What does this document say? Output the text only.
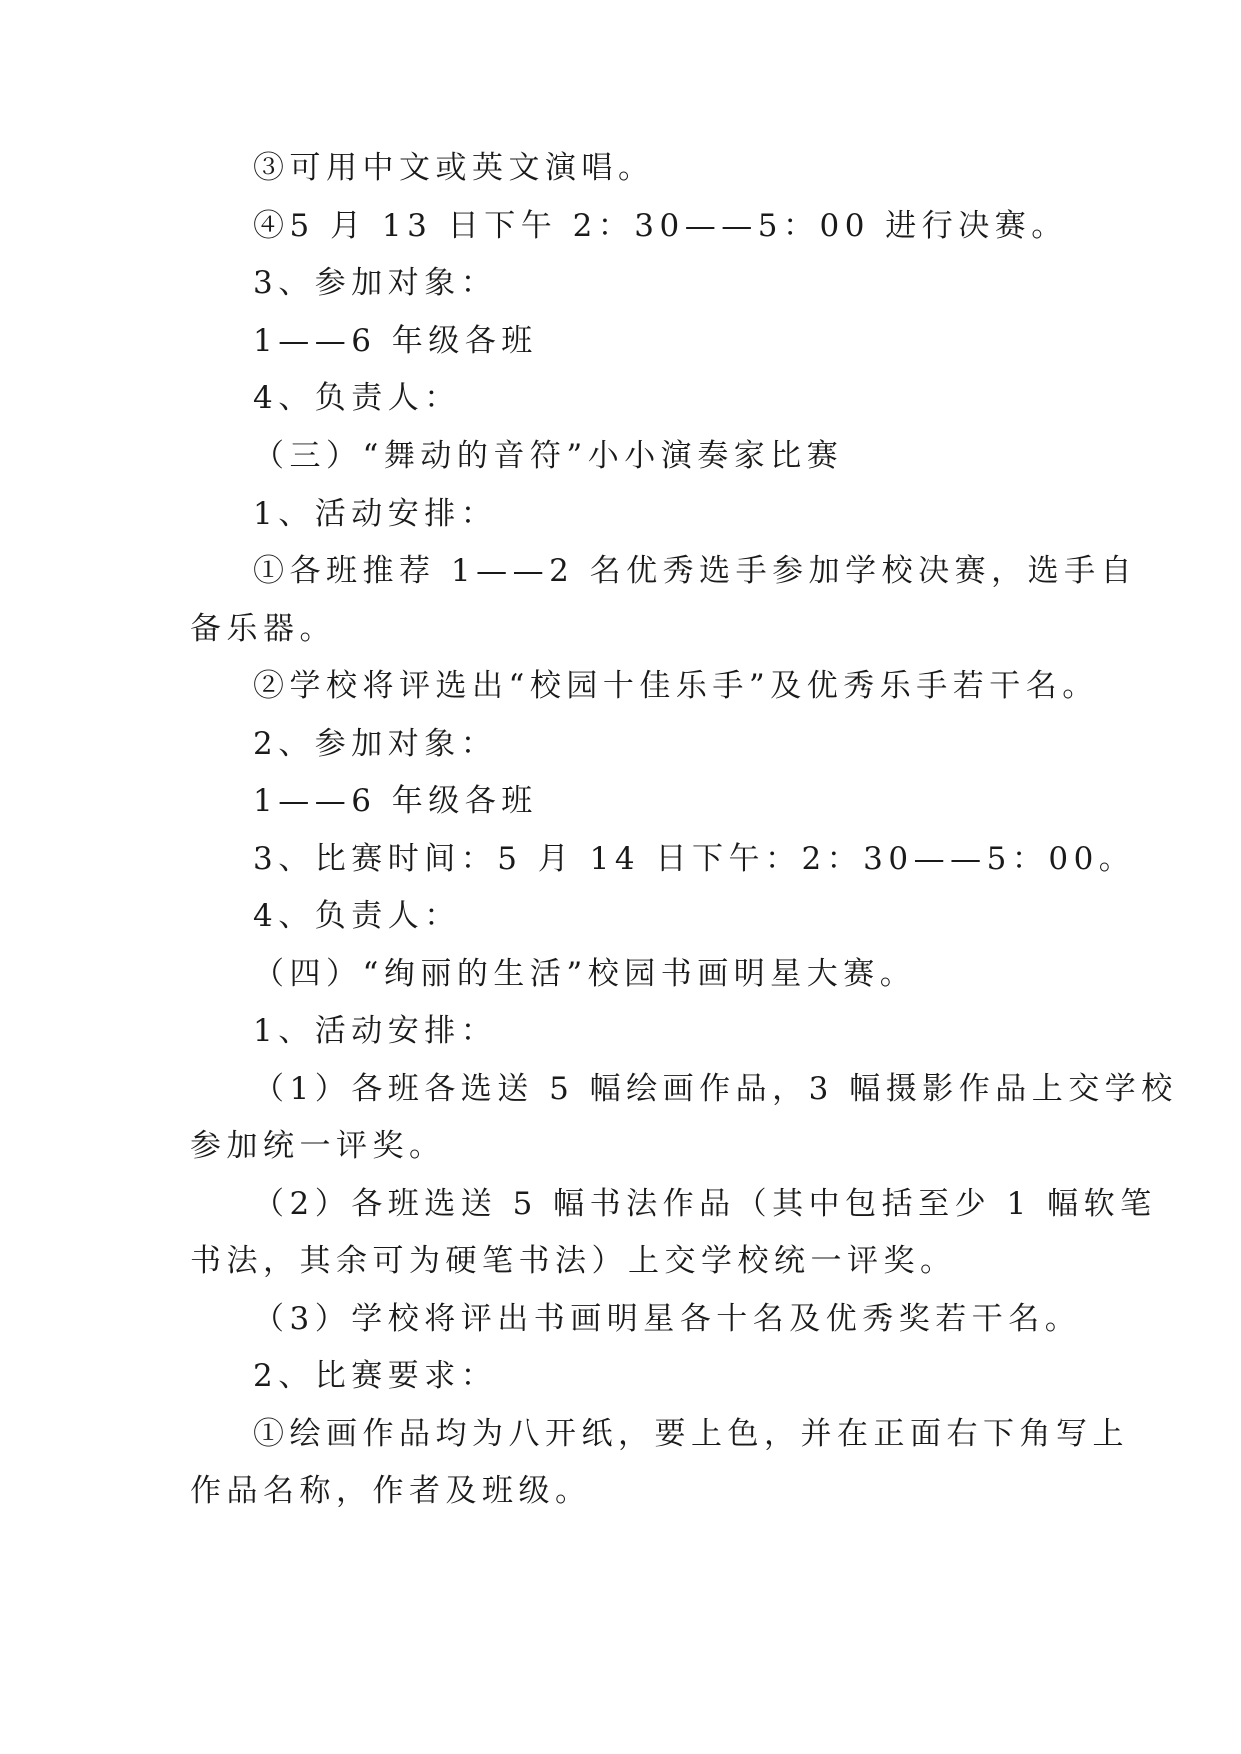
③可用中文或英文演唱。
④5 月 13 日下午 2：30——5：00 进行决赛。
3、参加对象：
1——6 年级各班
4、负责人：
（三）“舞动的音符”小小演奏家比赛
1、活动安排：
①各班推荐 1——2 名优秀选手参加学校决赛，选手自
备乐器。
②学校将评选出“校园十佳乐手”及优秀乐手若干名。
2、参加对象：
1——6 年级各班
3、比赛时间：5 月 14 日下午：2：30——5：00。
4、负责人：
（四）“绚丽的生活”校园书画明星大赛。
1、活动安排：
（1）各班各选送 5 幅绘画作品，3 幅摄影作品上交学校
参加统一评奖。
（2）各班选送 5 幅书法作品（其中包括至少 1 幅软笔
书法，其余可为硬笔书法）上交学校统一评奖。
（3）学校将评出书画明星各十名及优秀奖若干名。
2、比赛要求：
①绘画作品均为八开纸，要上色，并在正面右下角写上
作品名称，作者及班级。
